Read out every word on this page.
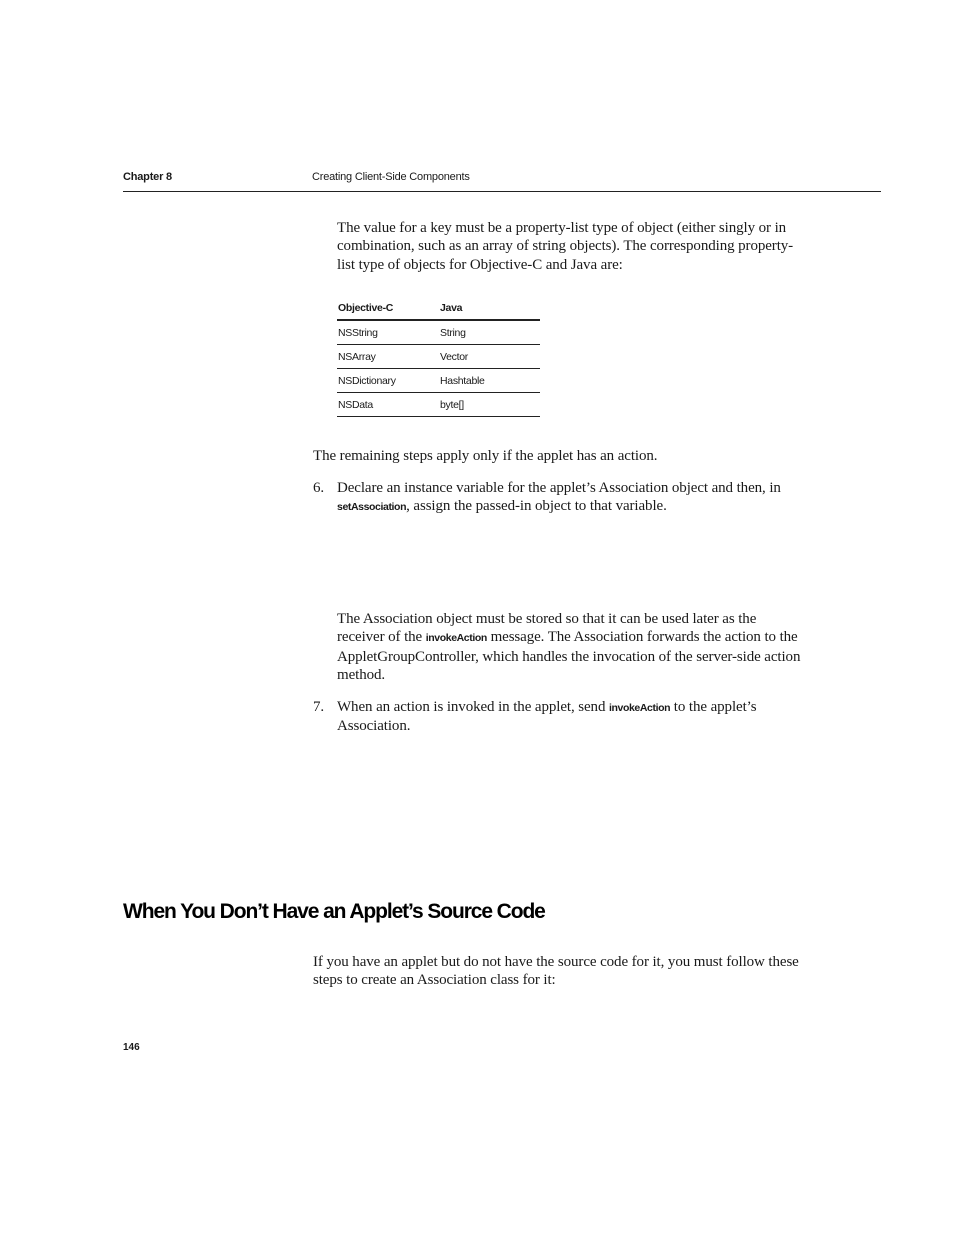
Chapter 8	Creating Client-Side Components

The value for a key must be a property-list type of object (either singly or in combination, such as an array of string objects). The corresponding property-list type of objects for Objective-C and Java are:

Objective-C	Java
NSString	String
NSArray	Vector
NSDictionary	Hashtable
NSData	byte[]

The remaining steps apply only if the applet has an action.

6. Declare an instance variable for the applet’s Association object and then, in
setAssociation, assign the passed-in object to that variable.

The Association object must be stored so that it can be used later as the receiver of the invokeAction message. The Association forwards the action to the AppletGroupController, which handles the invocation of the server-side action method.

7. When an action is invoked in the applet, send invokeAction to the applet’s Association.
When You Don’t Have an Applet’s Source Code

If you have an applet but do not have the source code for it, you must follow these steps to create an Association class for it:

146
